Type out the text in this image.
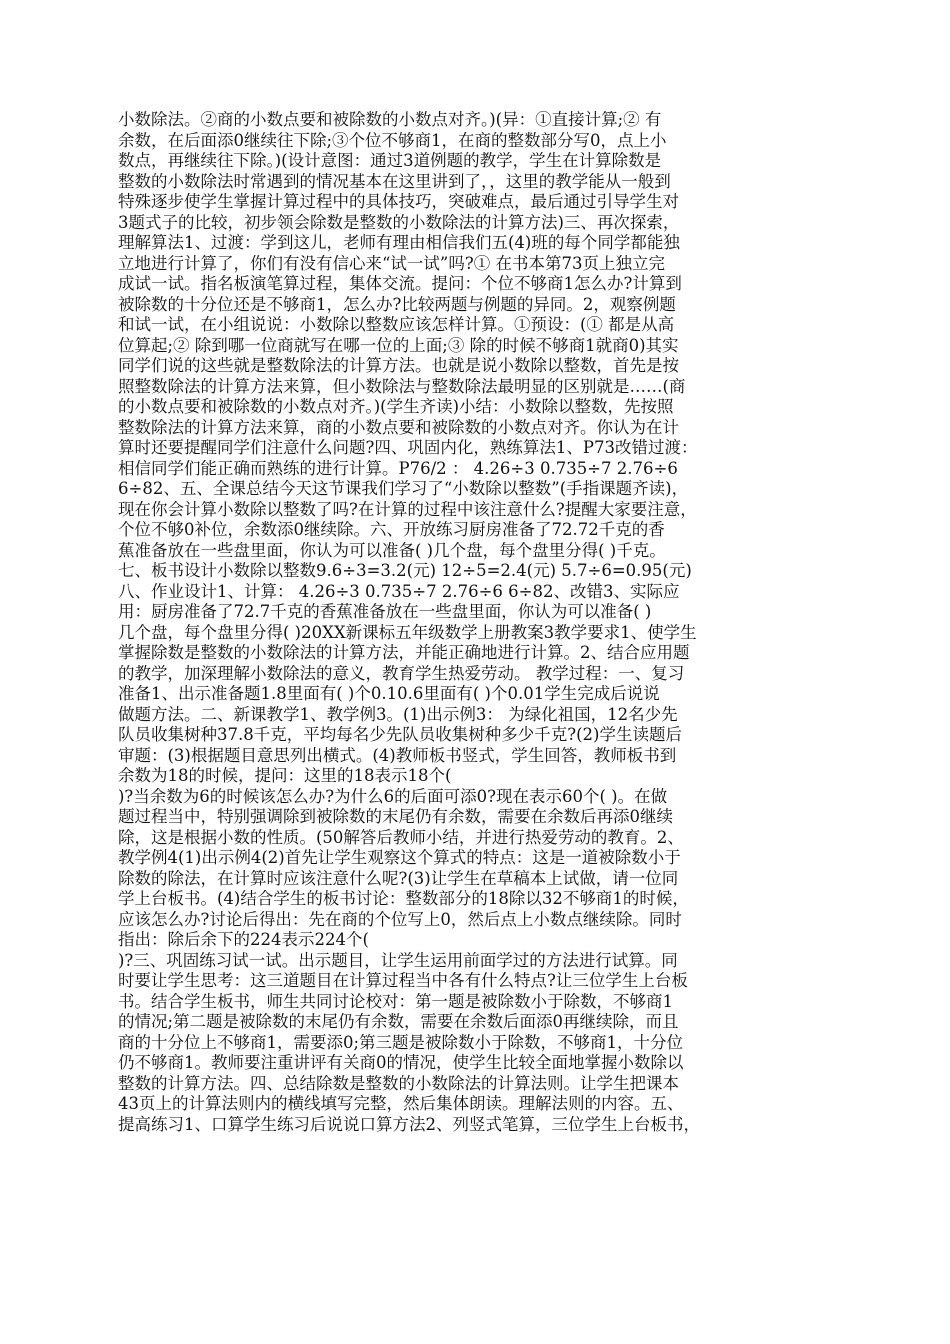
小数除法。②商的小数点要和被除数的小数点对齐。)(异：①直接计算;② 有
余数，在后面添0继续往下除;③个位不够商1，在商的整数部分写0，点上小
数点，再继续往下除。)(设计意图：通过3道例题的教学，学生在计算除数是
整数的小数除法时常遇到的情况基本在这里讲到了，，这里的教学能从一般到
特殊逐步使学生掌握计算过程中的具体技巧，突破难点，最后通过引导学生对
3题式子的比较，初步领会除数是整数的小数除法的计算方法)三、再次探索，
理解算法1、过渡：学到这儿，老师有理由相信我们五(4)班的每个同学都能独
立地进行计算了，你们有没有信心来“试一试”吗?① 在书本第73页上独立完
成试一试。指名板演笔算过程，集体交流。提问：个位不够商1怎么办?计算到
被除数的十分位还是不够商1，怎么办?比较两题与例题的异同。2，观察例题
和试一试，在小组说说：小数除以整数应该怎样计算。①预设：(① 都是从高
位算起;② 除到哪一位商就写在哪一位的上面;③ 除的时候不够商1就商0)其实
同学们说的这些就是整数除法的计算方法。也就是说小数除以整数，首先是按
照整数除法的计算方法来算，但小数除法与整数除法最明显的区别就是……(商
的小数点要和被除数的小数点对齐。)(学生齐读)小结：小数除以整数，先按照
整数除法的计算方法来算，商的小数点要和被除数的小数点对齐。你认为在计
算时还要提醒同学们注意什么问题?四、巩固内化，熟练算法1、P73改错过渡：
相信同学们能正确而熟练的进行计算。P76/2 ： 4.26÷3 0.735÷7 2.76÷6
6÷82、五、全课总结今天这节课我们学习了“小数除以整数”(手指课题齐读)，
现在你会计算小数除以整数了吗?在计算的过程中该注意什么?提醒大家要注意，
个位不够0补位，余数添0继续除。六、开放练习厨房准备了72.72千克的香
蕉准备放在一些盘里面，你认为可以准备( )几个盘，每个盘里分得( )千克。
七、板书设计小数除以整数9.6÷3=3.2(元) 12÷5=2.4(元) 5.7÷6=0.95(元)
八、作业设计1、计算： 4.26÷3 0.735÷7 2.76÷6 6÷82、改错3、实际应
用：厨房准备了72.7千克的香蕉准备放在一些盘里面，你认为可以准备( )
几个盘，每个盘里分得( )20XX新课标五年级数学上册教案3教学要求1、使学生
掌握除数是整数的小数除法的计算方法，并能正确地进行计算。2、结合应用题
的教学，加深理解小数除法的意义，教育学生热爱劳动。 教学过程：一、复习
准备1、出示准备题1.8里面有( )个0.10.6里面有( )个0.01学生完成后说说
做题方法。二、新课教学1、教学例3。(1)出示例3： 为绿化祖国，12名少先
队员收集树种37.8千克，平均每名少先队员收集树种多少千克?(2)学生读题后
审题：(3)根据题目意思列出横式。(4)教师板书竖式，学生回答，教师板书到
余数为18的时候，提问：这里的18表示18个(
)?当余数为6的时候该怎么办?为什么6的后面可添0?现在表示60个( )。在做
题过程当中，特别强调除到被除数的末尾仍有余数，需要在余数后再添0继续
除，这是根据小数的性质。(50解答后教师小结，并进行热爱劳动的教育。2、
教学例4(1)出示例4(2)首先让学生观察这个算式的特点：这是一道被除数小于
除数的除法，在计算时应该注意什么呢?(3)让学生在草稿本上试做，请一位同
学上台板书。(4)结合学生的板书讨论：整数部分的18除以32不够商1的时候，
应该怎么办?讨论后得出：先在商的个位写上0，然后点上小数点继续除。同时
指出：除后余下的224表示224个(
)?三、巩固练习试一试。出示题目，让学生运用前面学过的方法进行试算。同
时要让学生思考：这三道题目在计算过程当中各有什么特点?让三位学生上台板
书。结合学生板书，师生共同讨论校对：第一题是被除数小于除数，不够商1
的情况;第二题是被除数的末尾仍有余数，需要在余数后面添0再继续除，而且
商的十分位上不够商1，需要添0;第三题是被除数小于除数，不够商1，十分位
仍不够商1。教师要注重讲评有关商0的情况，使学生比较全面地掌握小数除以
整数的计算方法。四、总结除数是整数的小数除法的计算法则。让学生把课本
43页上的计算法则内的横线填写完整，然后集体朗读。理解法则的内容。五、
提高练习1、口算学生练习后说说口算方法2、列竖式笔算，三位学生上台板书，
